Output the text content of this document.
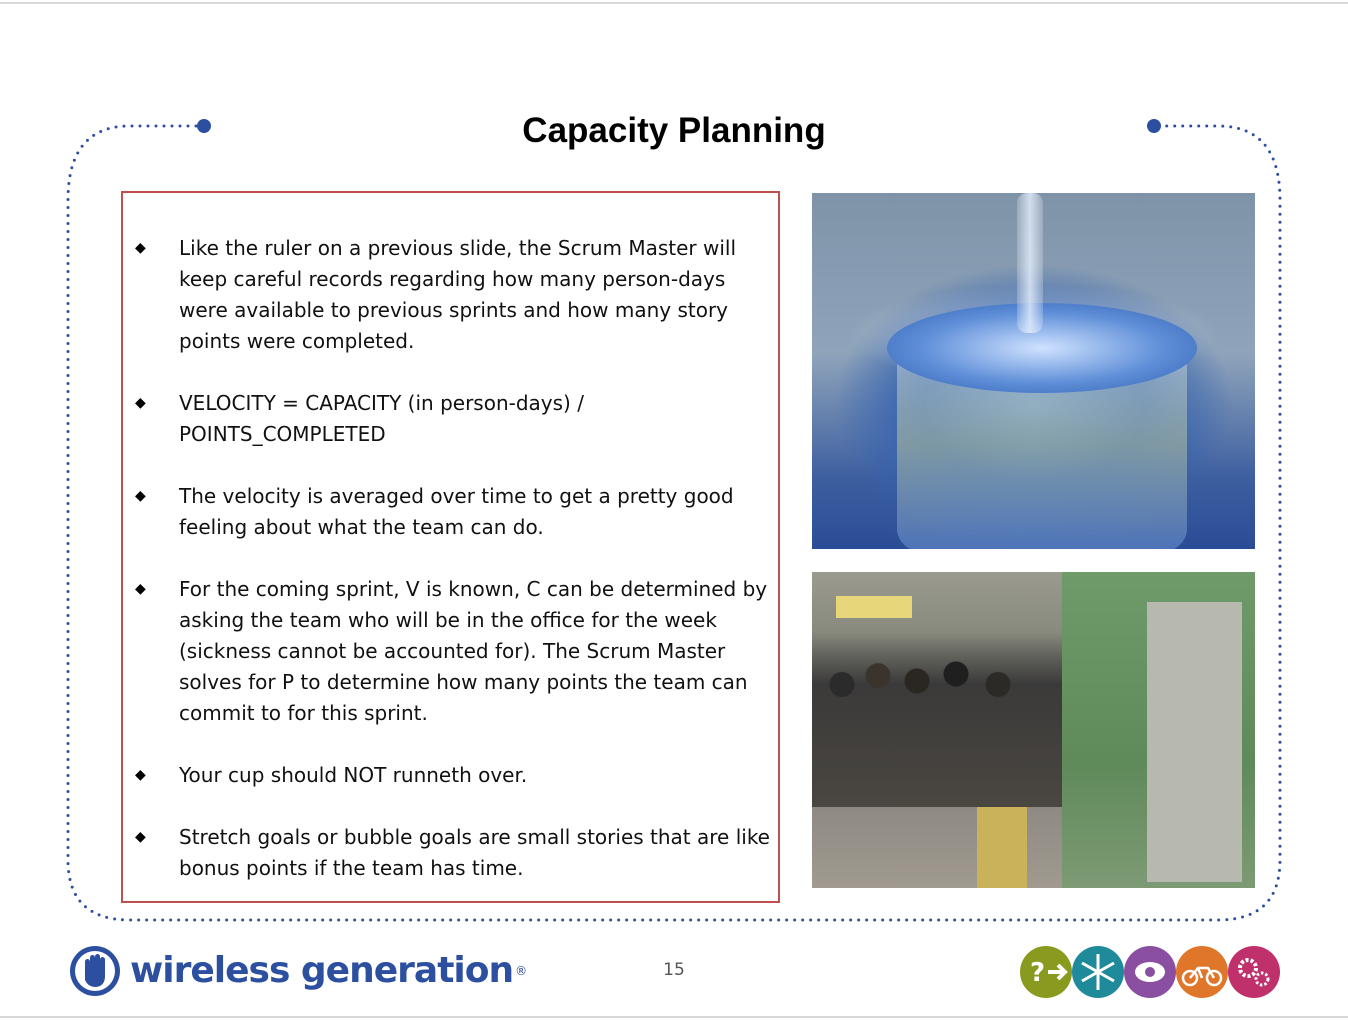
Capacity Planning
◆ Like the ruler on a previous slide, the Scrum Master will keep careful records regarding how many person-days were available to previous sprints and how many story points were completed.
◆ VELOCITY = CAPACITY (in person-days) / POINTS_COMPLETED
◆ The velocity is averaged over time to get a pretty good feeling about what the team can do.
◆ For the coming sprint, V is known, C can be determined by asking the team who will be in the office for the week (sickness cannot be accounted for). The Scrum Master solves for P to determine how many points the team can commit to for this sprint.
◆ Your cup should NOT runneth over.
◆ Stretch goals or bubble goals are small stories that are like bonus points if the team has time.
wireless generation ®	15	?
